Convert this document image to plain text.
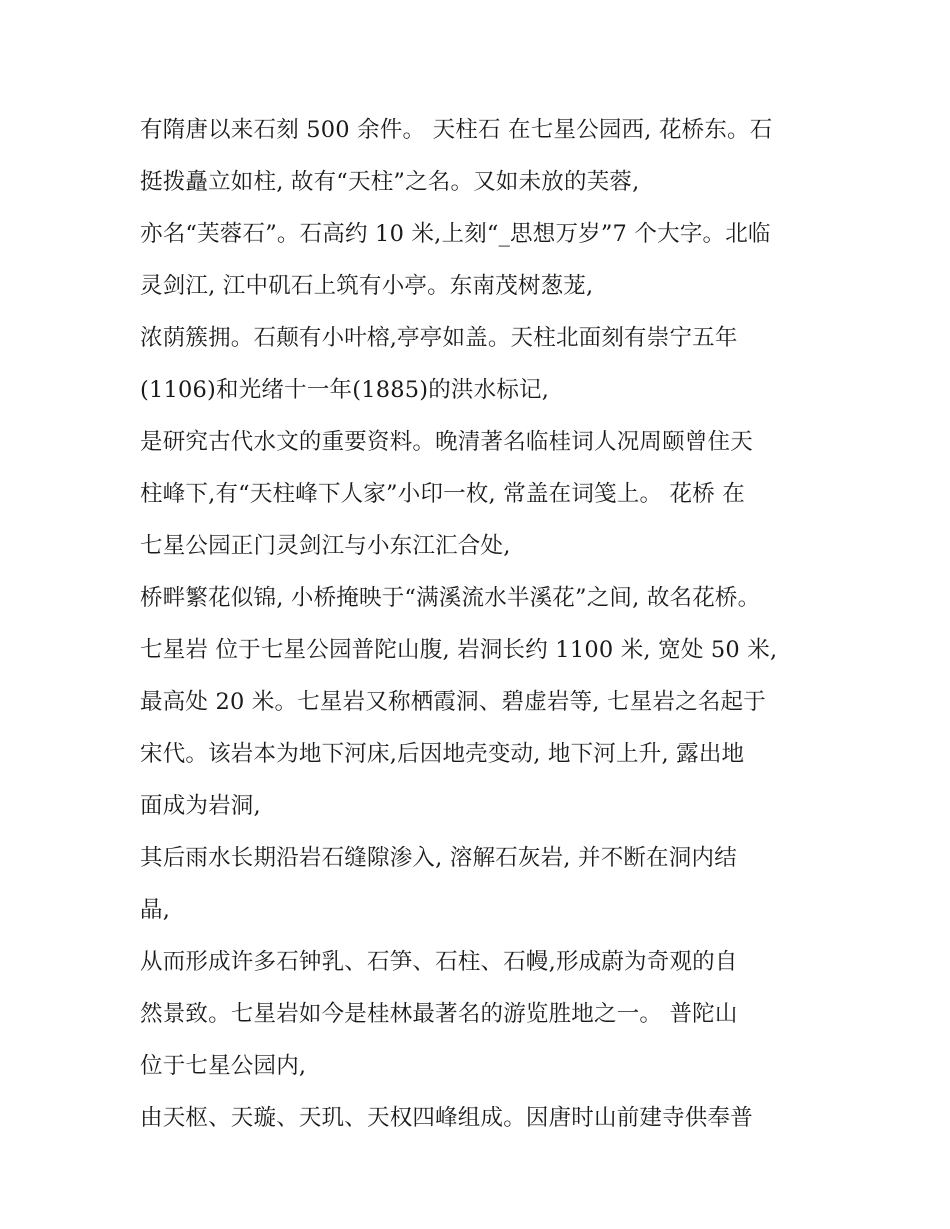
有隋唐以来石刻 500 余件。 天柱石 在七星公园西, 花桥东。石
挺拨矗立如柱, 故有“天柱”之名。又如未放的芙蓉,
亦名“芙蓉石”。石高约 10 米,上刻“_思想万岁”7 个大字。北临
灵剑江, 江中矶石上筑有小亭。东南茂树葱茏,
浓荫簇拥。石颠有小叶榕,亭亭如盖。天柱北面刻有崇宁五年
(1106)和光绪十一年(1885)的洪水标记,
是研究古代水文的重要资料。晚清著名临桂词人况周颐曾住天
柱峰下,有“天柱峰下人家”小印一枚, 常盖在词笺上。 花桥 在
七星公园正门灵剑江与小东江汇合处,
桥畔繁花似锦, 小桥掩映于“满溪流水半溪花”之间, 故名花桥。
七星岩 位于七星公园普陀山腹, 岩洞长约 1100 米, 宽处 50 米,
最高处 20 米。七星岩又称栖霞洞、碧虚岩等, 七星岩之名起于
宋代。该岩本为地下河床,后因地壳变动, 地下河上升, 露出地
面成为岩洞,
其后雨水长期沿岩石缝隙渗入, 溶解石灰岩, 并不断在洞内结
晶,
从而形成许多石钟乳、石笋、石柱、石幔,形成蔚为奇观的自
然景致。七星岩如今是桂林最著名的游览胜地之一。 普陀山
位于七星公园内,
由天枢、天璇、天玑、天权四峰组成。因唐时山前建寺供奉普
